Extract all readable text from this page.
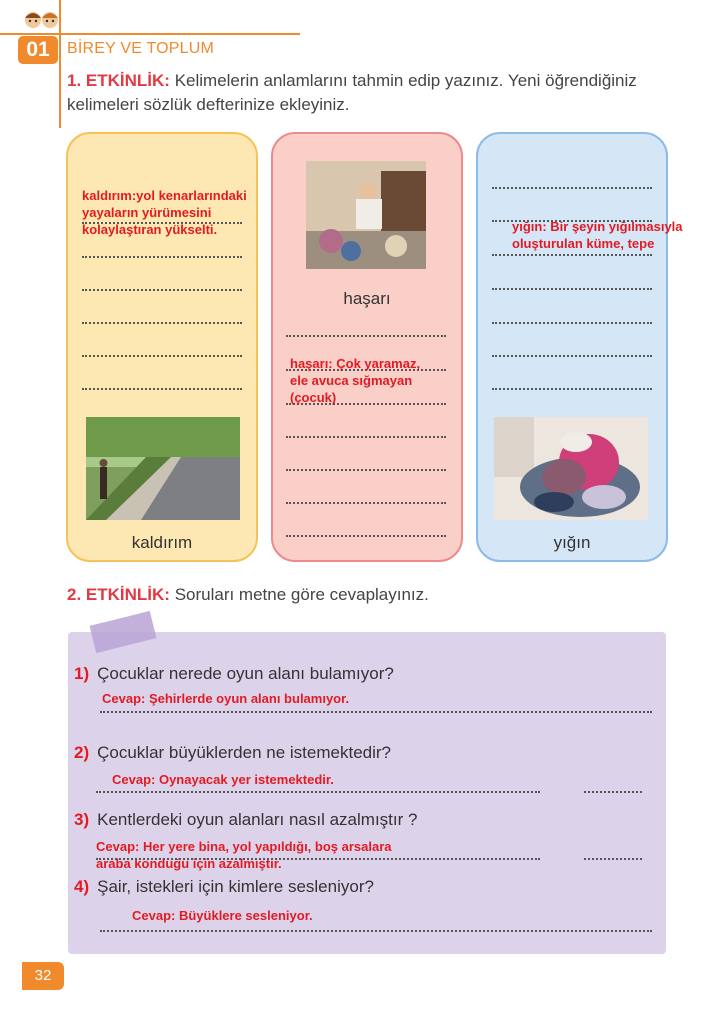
01	BİREY VE TOPLUM
1. ETKİNLİK: Kelimelerin anlamlarını tahmin edip yazınız. Yeni öğrendiğiniz kelimeleri sözlük defterinize ekleyiniz.
kaldırım:yol kenarlarındaki yayaların yürümesini kolaylaştıran yükselti.
kaldırım
haşarı
haşarı: Çok yaramaz, ele avuca sığmayan (çocuk)
yığın: Bir şeyin yığılmasıyla oluşturulan küme, tepe
yığın
2. ETKİNLİK: Soruları metne göre cevaplayınız.
1) Çocuklar nerede oyun alanı bulamıyor?
Cevap: Şehirlerde oyun alanı bulamıyor.
2) Çocuklar büyüklerden ne istemektedir?
Cevap: Oynayacak yer istemektedir.
3) Kentlerdeki oyun alanları nasıl azalmıştır ?
Cevap: Her yere bina, yol yapıldığı, boş arsalara araba konduğu için azalmıştır.
4) Şair, istekleri için kimlere sesleniyor?
Cevap: Büyüklere sesleniyor.
32
